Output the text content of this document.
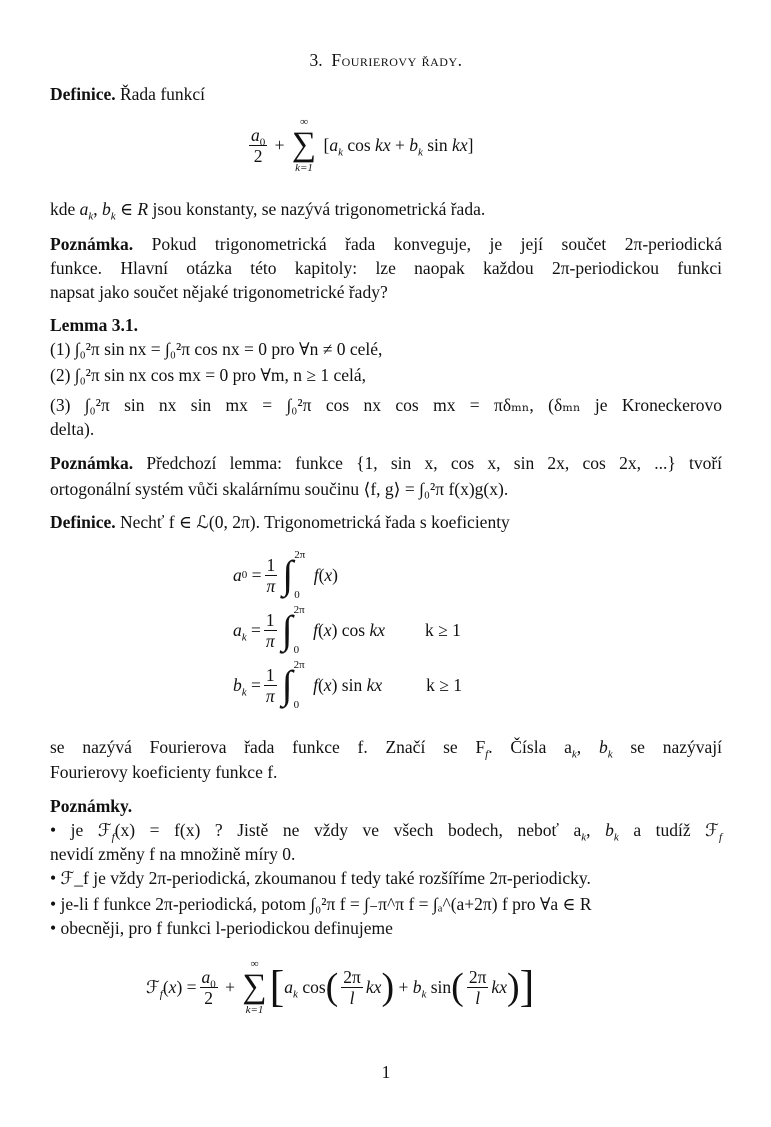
3. Fourierovy řady.
Definice. Řada funkcí
$\frac{a_0}{2}$ +
∞
∑
k=1
[$a_k$ cos kx + $b_k$ sin kx]
kde $a_k$, $b_k$ ∈ R jsou konstanty, se nazývá trigonometrická řada.
Poznámka. Pokud trigonometrická řada konveguje, je její součet 2π-periodická
funkce. Hlavní otázka této kapitoly: lze naopak každou 2π-periodickou funkci
napsat jako součet nějaké trigonometrické řady?
Lemma 3.1.
(1) ∫₀²π sin nx = ∫₀²π cos nx = 0 pro ∀n ≠ 0 celé,
(2) ∫₀²π sin nx cos mx = 0 pro ∀m, n ≥ 1 celá,
(3) ∫₀²π sin nx sin mx = ∫₀²π cos nx cos mx = πδₘₙ, (δₘₙ je Kroneckerovo
delta).
Poznámka. Předchozí lemma: funkce {1, sin x, cos x, sin 2x, cos 2x, ...} tvoří
ortogonální systém vůči skalárnímu součinu ⟨f, g⟩ = ∫₀²π f(x)g(x).
Definice. Nechť f ∈ ℒ(0, 2π). Trigonometrická řada s koeficienty
a $0 = \frac{1}{\pi}$ ∫ 2π
0
f(x)
$a_k = \frac{1}{\pi}$ ∫ 2π
0
f(x) cos kx k ≥ 1
$b_k = \frac{1}{\pi}$ ∫ 2π
0
f(x) sin kx	k ≥ 1
se nazývá Fourierova řada funkce f. Značí se $F_f$. Čísla $a_k$, $b_k$ se nazývají
Fourierovy koeficienty funkce f.
Poznámky.
• je ℱ$_f$(x) = f(x) ? Jistě ne vždy ve všech bodech, neboť $a_k$, $b_k$ a tudíž ℱ$_f$
nevidí změny f na množině míry 0.
• ℱ_f je vždy 2π-periodická, zkoumanou f tedy také rozšíříme 2π-periodicky.
• je-li f funkce 2π-periodická, potom ∫₀²π f = ∫₋π^π f = ∫ₐ^(a+2π) f pro ∀a ∈ R
• obecněji, pro f funkci l-periodickou definujeme
ℱ$_f$(x) = $\frac{a_0}{2}$ +
∞
∑
k=1 [ $a_k$ cos ( $\frac{2\pi}{l}$ kx ) + $b_k$ sin ( $\frac{2\pi}{l}$ kx ) ]
1
